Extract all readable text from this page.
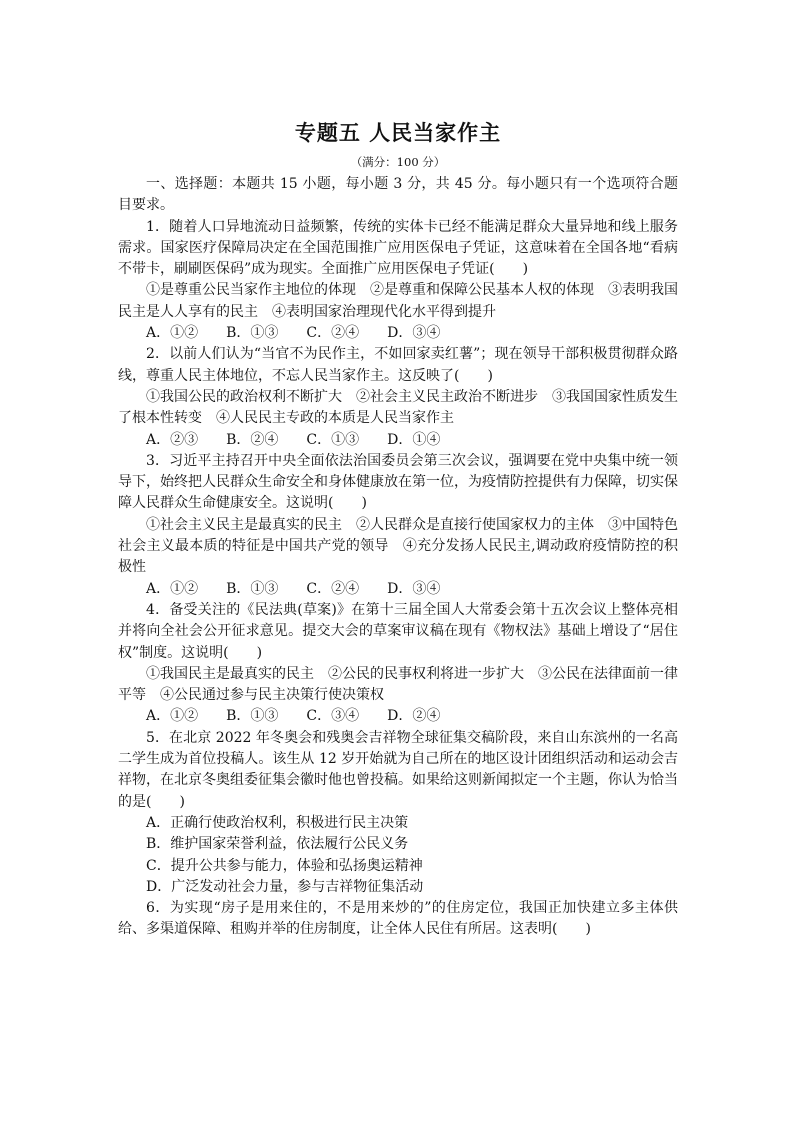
专题五 人民当家作主

（满分：100 分）

一、选择题：本题共 15 小题，每小题 3 分，共 45 分。每小题只有一个选项符合题目要求。

1．随着人口异地流动日益频繁，传统的实体卡已经不能满足群众大量异地和线上服务需求。国家医疗保障局决定在全国范围推广应用医保电子凭证，这意味着在全国各地“看病不带卡，刷刷医保码”成为现实。全面推广应用医保电子凭证(　　)

①是尊重公民当家作主地位的体现　②是尊重和保障公民基本人权的体现　③表明我国民主是人人享有的民主　④表明国家治理现代化水平得到提升

A．①②　　B．①③　　C．②④　　D．③④

2．以前人们认为“当官不为民作主，不如回家卖红薯”；现在领导干部积极贯彻群众路线，尊重人民主体地位，不忘人民当家作主。这反映了(　　)

①我国公民的政治权利不断扩大　②社会主义民主政治不断进步　③我国国家性质发生了根本性转变　④人民民主专政的本质是人民当家作主

A．②③　　B．②④　　C．①③　　D．①④

3．习近平主持召开中央全面依法治国委员会第三次会议，强调要在党中央集中统一领导下，始终把人民群众生命安全和身体健康放在第一位，为疫情防控提供有力保障，切实保障人民群众生命健康安全。这说明(　　)

①社会主义民主是最真实的民主　②人民群众是直接行使国家权力的主体　③中国特色社会主义最本质的特征是中国共产党的领导　④充分发扬人民民主,调动政府疫情防控的积极性

A．①②　　B．①③　　C．②④　　D．③④

4．备受关注的《民法典(草案)》在第十三届全国人大常委会第十五次会议上整体亮相并将向全社会公开征求意见。提交大会的草案审议稿在现有《物权法》基础上增设了“居住权”制度。这说明(　　)

①我国民主是最真实的民主　②公民的民事权利将进一步扩大　③公民在法律面前一律平等　④公民通过参与民主决策行使决策权

A．①②　　B．①③　　C．③④　　D．②④

5．在北京 2022 年冬奥会和残奥会吉祥物全球征集交稿阶段，来自山东滨州的一名高二学生成为首位投稿人。该生从 12 岁开始就为自己所在的地区设计团组织活动和运动会吉祥物，在北京冬奥组委征集会徽时他也曾投稿。如果给这则新闻拟定一个主题，你认为恰当的是(　　)

A．正确行使政治权利，积极进行民主决策

B．维护国家荣誉利益，依法履行公民义务

C．提升公共参与能力，体验和弘扬奥运精神

D．广泛发动社会力量，参与吉祥物征集活动

6．为实现“房子是用来住的，不是用来炒的”的住房定位，我国正加快建立多主体供给、多渠道保障、租购并举的住房制度，让全体人民住有所居。这表明(　　)
